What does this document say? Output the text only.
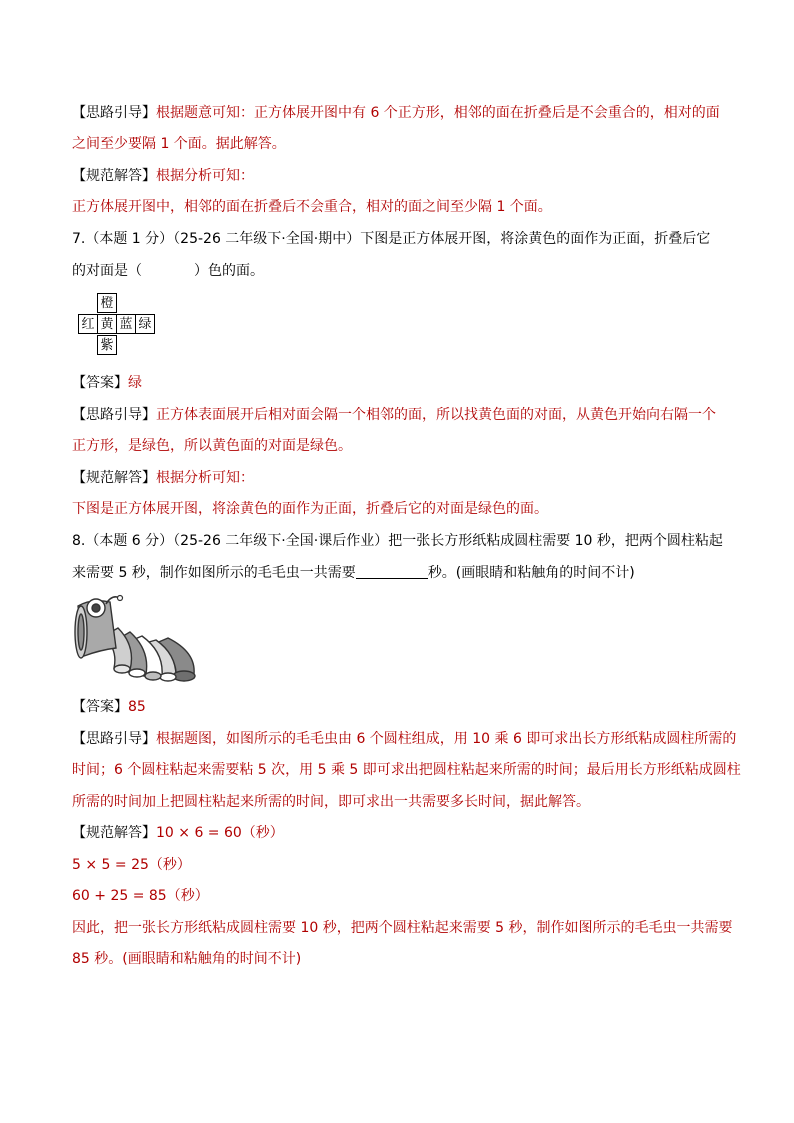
【思路引导】根据题意可知：正方体展开图中有 6 个正方形，相邻的面在折叠后是不会重合的，相对的面
之间至少要隔 1 个面。据此解答。
【规范解答】根据分析可知：
正方体展开图中，相邻的面在折叠后不会重合，相对的面之间至少隔 1 个面。
7.（本题 1 分）（25-26 二年级下·全国·期中）下图是正方体展开图，将涂黄色的面作为正面，折叠后它
的对面是（	）色的面。
橙
红 黄 蓝 绿
紫
【答案】绿
【思路引导】正方体表面展开后相对面会隔一个相邻的面，所以找黄色面的对面，从黄色开始向右隔一个
正方形，是绿色，所以黄色面的对面是绿色。
【规范解答】根据分析可知：
下图是正方体展开图，将涂黄色的面作为正面，折叠后它的对面是绿色的面。
8.（本题 6 分）（25-26 二年级下·全国·课后作业）把一张长方形纸粘成圆柱需要 10 秒，把两个圆柱粘起
来需要 5 秒，制作如图所示的毛毛虫一共需要	秒。(画眼睛和粘触角的时间不计)
【答案】85
【思路引导】根据题图，如图所示的毛毛虫由 6 个圆柱组成，用 10 乘 6 即可求出长方形纸粘成圆柱所需的
时间；6 个圆柱粘起来需要粘 5 次，用 5 乘 5 即可求出把圆柱粘起来所需的时间；最后用长方形纸粘成圆柱
所需的时间加上把圆柱粘起来所需的时间，即可求出一共需要多长时间，据此解答。
【规范解答】10 × 6 = 60（秒）
5 × 5 = 25（秒）
60 + 25 = 85（秒）
因此，把一张长方形纸粘成圆柱需要 10 秒，把两个圆柱粘起来需要 5 秒，制作如图所示的毛毛虫一共需要
85 秒。(画眼睛和粘触角的时间不计)
